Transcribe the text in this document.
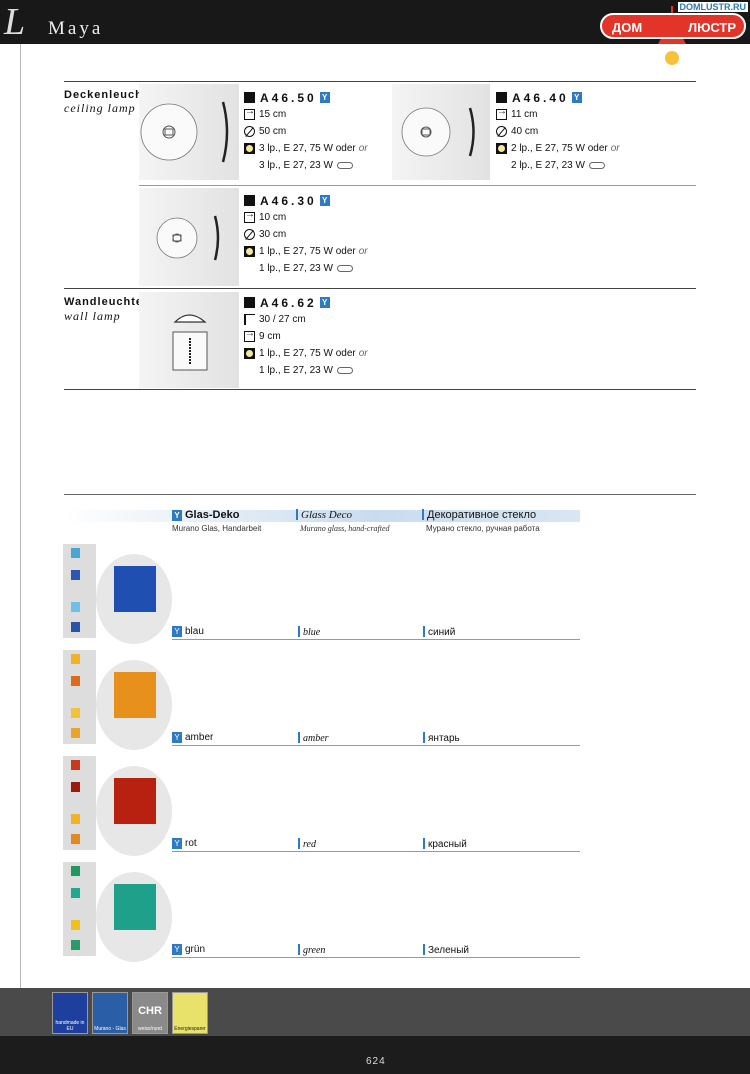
L Maya	ДОМ	ЛЮСТР
DOMLUSTR.RU
Deckenleuchte
ceiling lamp
A46.50 Y
→
15 cm
50 cm
3 lp., E 27, 75 W oder or
3 lp., E 27, 23 W
A46.40 Y
→
11 cm
40 cm
2 lp., E 27, 75 W oder or
2 lp., E 27, 23 W
A46.30 Y
→
10 cm
30 cm
1 lp., E 27, 75 W oder or
1 lp., E 27, 23 W
Wandleuchte
wall lamp
A46.62 Y
30 / 27 cm
→
9 cm
1 lp., E 27, 75 W oder or
1 lp., E 27, 23 W
Y Glas-Deko
Murano Glas, Handarbeit
Glass Deco
Murano glass, hand-crafted
Декоративное стекло
Мурано стекло, ручная работа
Y blau	blue	синий
Y amber	amber	янтарь
Y rot	red	красный
Y grün	green	Зеленый
handmade in EU	Murano - Glas
CHR
weiss/rund	Energiesparer
624
